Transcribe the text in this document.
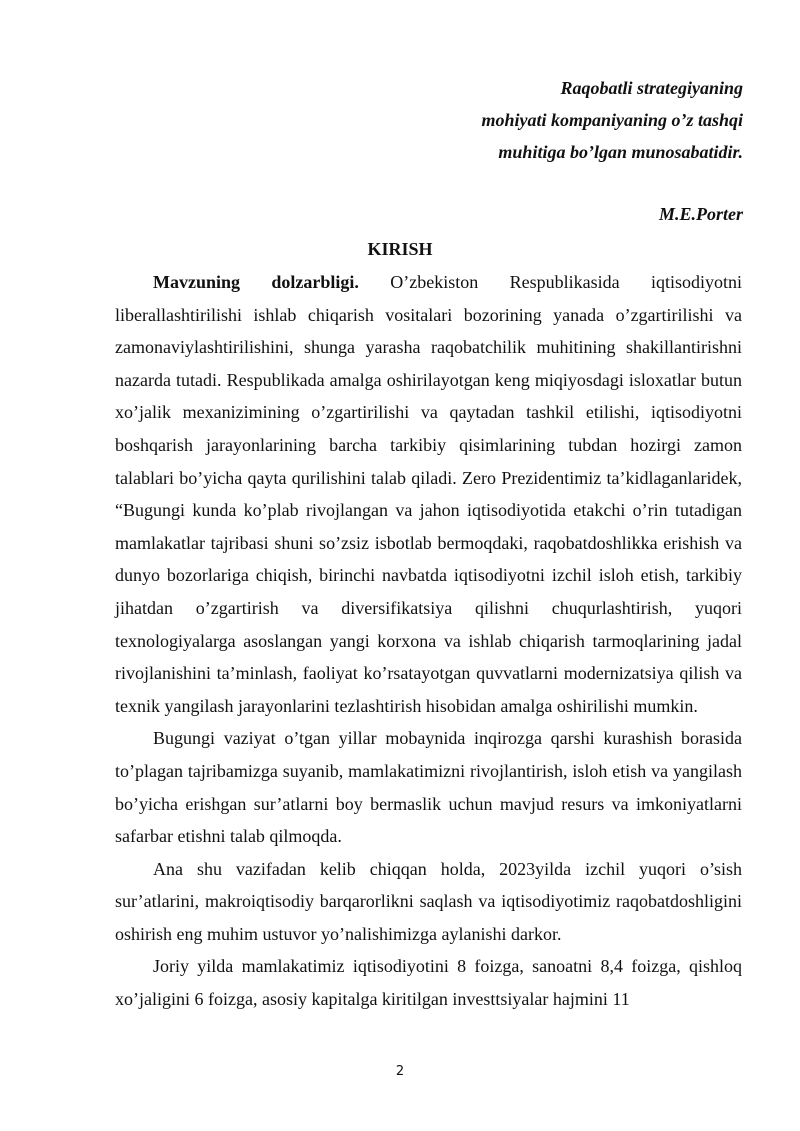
Raqobatli strategiyaning
mohiyati kompaniyaning o’z tashqi
muhitiga bo’lgan munosabatidir.
M.E.Porter
KIRISH

Mavzuning dolzarbligi. O’zbekiston Respublikasida iqtisodiyotni liberallashtirilishi ishlab chiqarish vositalari bozorining yanada o’zgartirilishi va zamonaviylashtirilishini, shunga yarasha raqobatchilik muhitining shakillantirishni nazarda tutadi. Respublikada amalga oshirilayotgan keng miqiyosdagi isloxatlar butun xo’jalik mexanizimining o’zgartirilishi va qaytadan tashkil etilishi, iqtisodiyotni boshqarish jarayonlarining barcha tarkibiy qisimlarining tubdan hozirgi zamon talablari bo’yicha qayta qurilishini talab qiladi. Zero Prezidentimiz ta’kidlaganlaridek, “Bugungi kunda ko’plab rivojlangan va jahon iqtisodiyotida etakchi o’rin tutadigan mamlakatlar tajribasi shuni so’zsiz isbotlab bermoqdaki, raqobatdoshlikka erishish va dunyo bozorlariga chiqish, birinchi navbatda iqtisodiyotni izchil isloh etish, tarkibiy jihatdan o’zgartirish va diversifikatsiya qilishni chuqurlashtirish, yuqori texnologiyalarga asoslangan yangi korxona va ishlab chiqarish tarmoqlarining jadal rivojlanishini ta’minlash, faoliyat ko’rsatayotgan quvvatlarni modernizatsiya qilish va texnik yangilash jarayonlarini tezlashtirish hisobidan amalga oshirilishi mumkin.

Bugungi vaziyat o’tgan yillar mobaynida inqirozga qarshi kurashish borasida to’plagan tajribamizga suyanib, mamlakatimizni rivojlantirish, isloh etish va yangilash bo’yicha erishgan sur’atlarni boy bermaslik uchun mavjud resurs va imkoniyatlarni safarbar etishni talab qilmoqda.

Ana shu vazifadan kelib chiqqan holda, 2023yilda izchil yuqori o’sish sur’atlarini, makroiqtisodiy barqarorlikni saqlash va iqtisodiyotimiz raqobatdoshligini oshirish eng muhim ustuvor yo’nalishimizga aylanishi darkor.

Joriy yilda mamlakatimiz iqtisodiyotini 8 foizga, sanoatni 8,4 foizga, qishloq xo’jaligini 6 foizga, asosiy kapitalga kiritilgan investtsiyalar hajmini 11

2
